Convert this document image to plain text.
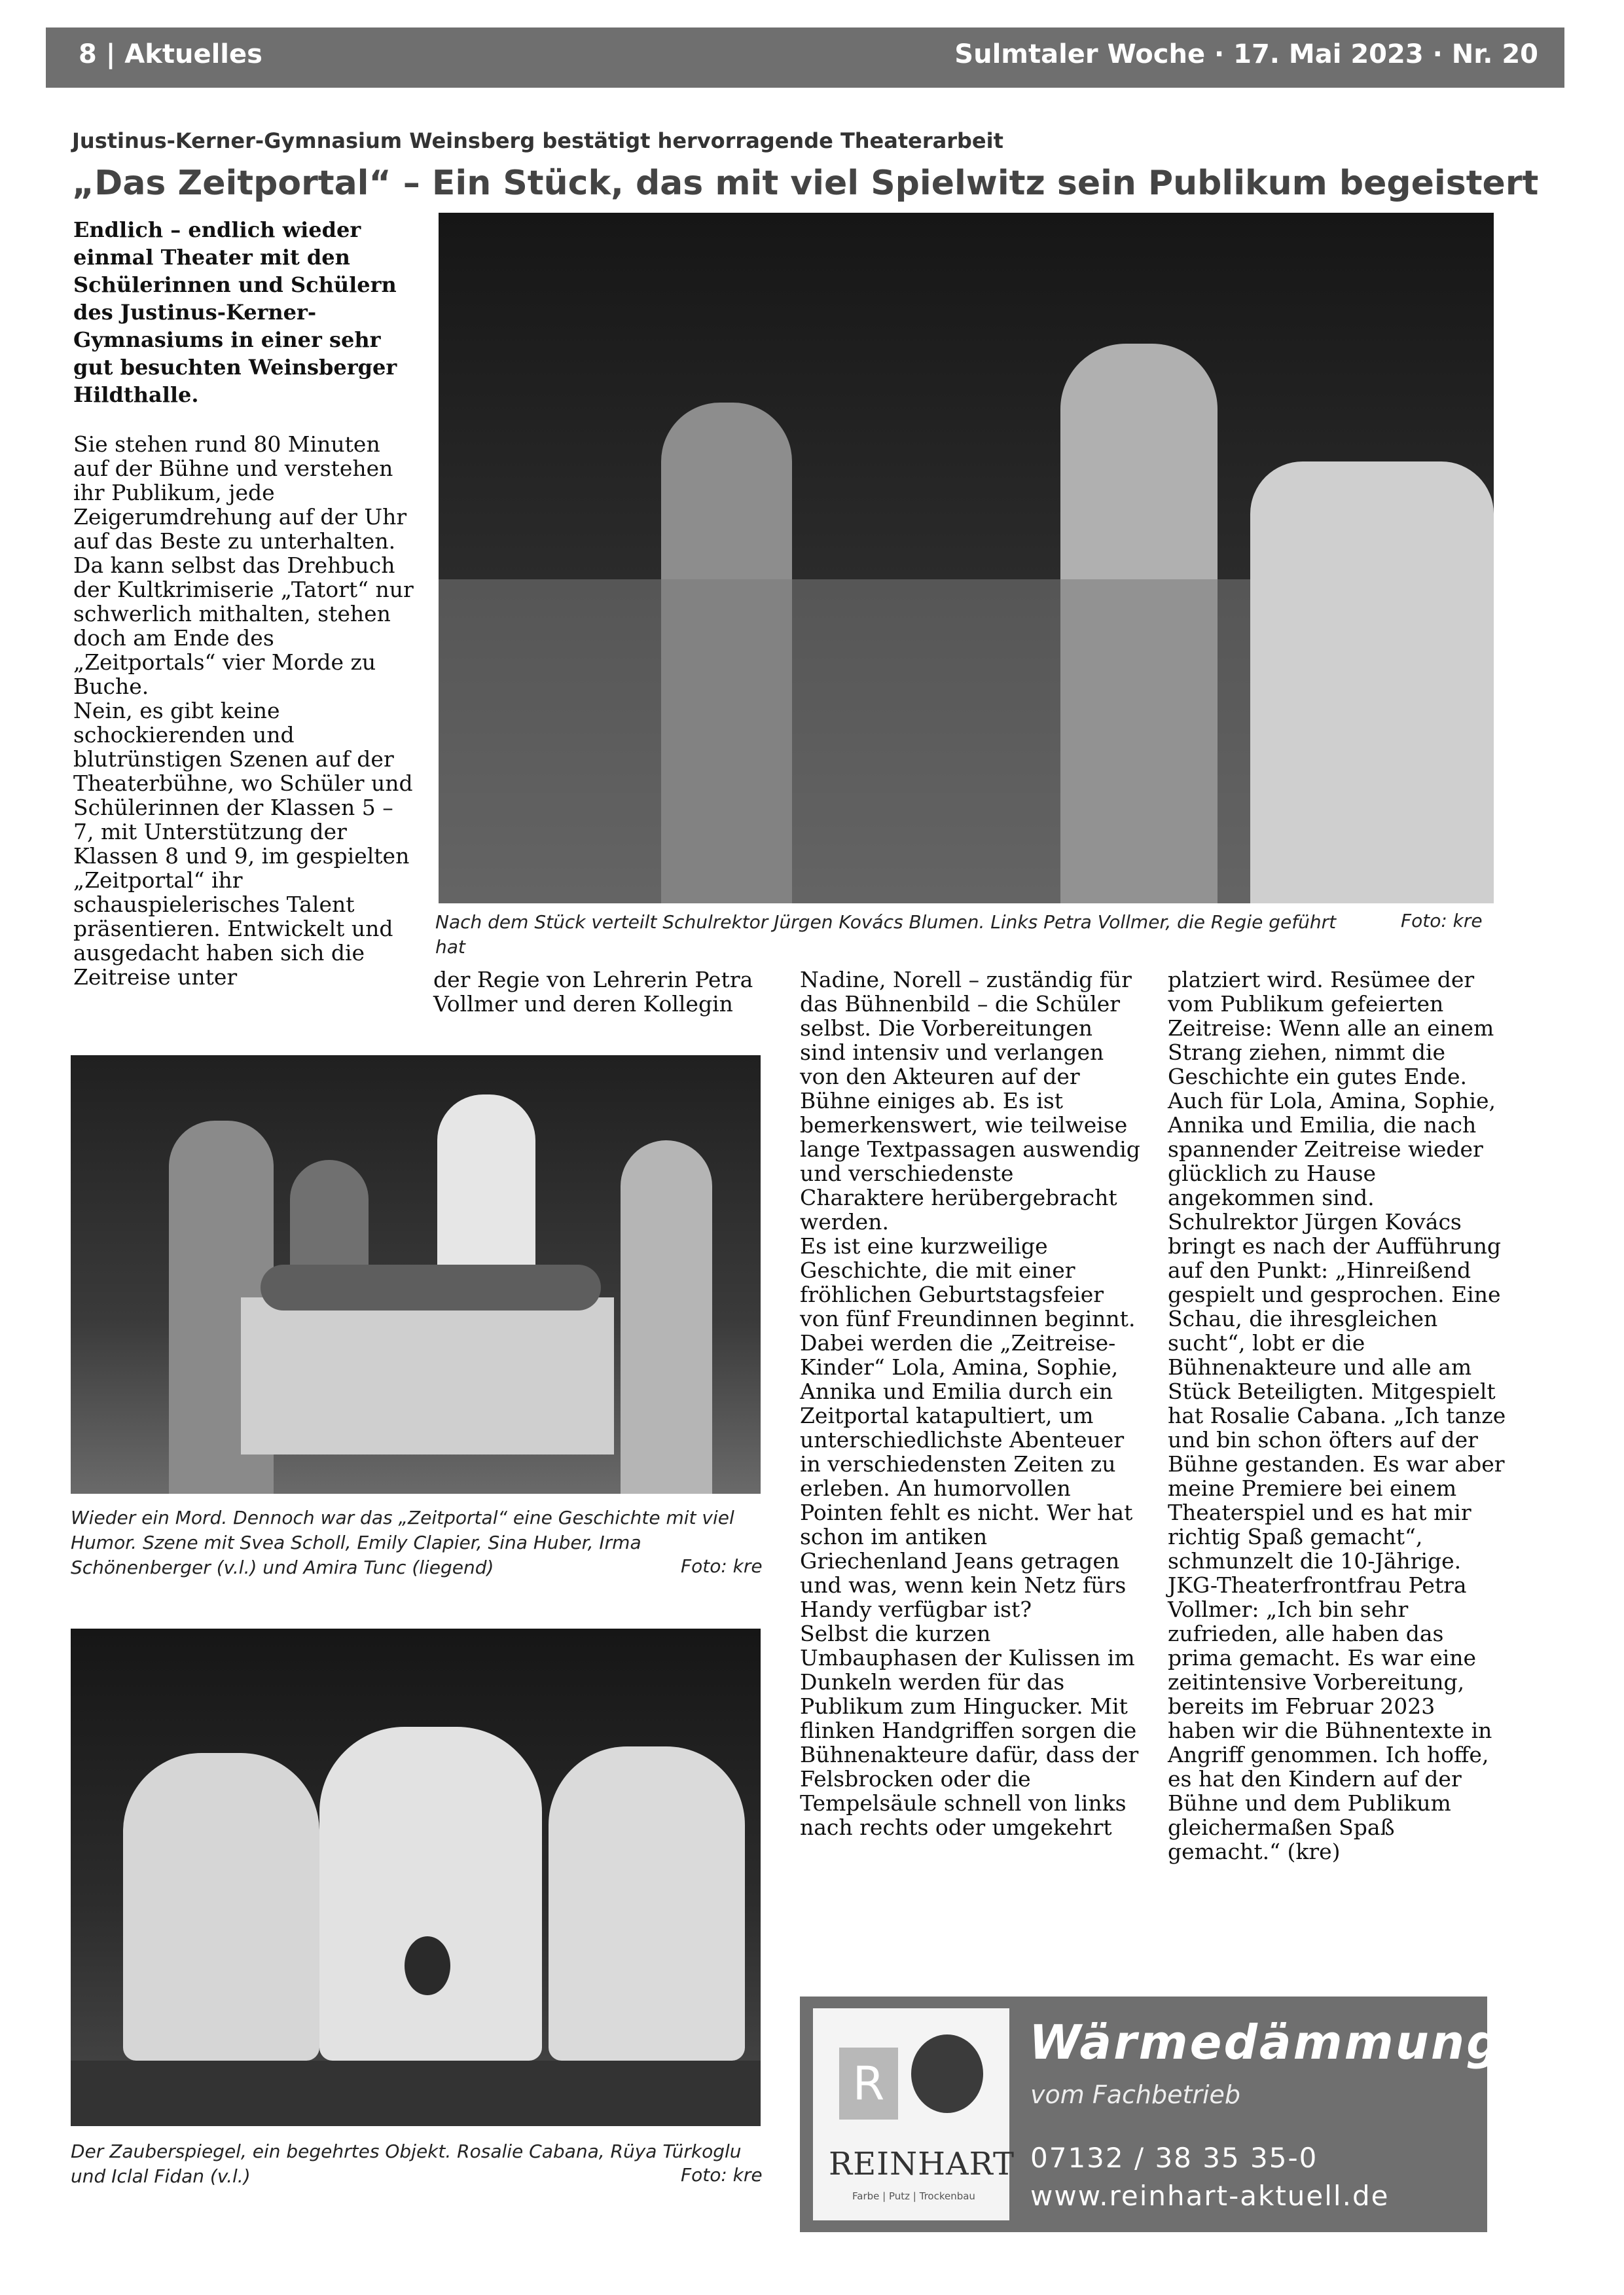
8 | Aktuelles	Sulmtaler Woche · 17. Mai 2023 · Nr. 20
Justinus-Kerner-Gymnasium Weinsberg bestätigt hervorragende Theaterarbeit
„Das Zeitportal“ – Ein Stück, das mit viel Spielwitz sein Publikum begeistert

Endlich – endlich wieder einmal Theater mit den Schülerinnen und Schülern des Justinus-Kerner-Gymnasiums in einer sehr gut besuchten Weinsberger Hildthalle.

Sie stehen rund 80 Minuten auf der Bühne und verstehen ihr Publikum, jede Zeigerumdrehung auf der Uhr auf das Beste zu unterhalten. Da kann selbst das Drehbuch der Kultkrimiserie „Tatort“ nur schwerlich mithalten, stehen doch am Ende des „Zeitportals“ vier Morde zu Buche.

Nein, es gibt keine schockierenden und blutrünstigen Szenen auf der Theaterbühne, wo Schüler und Schülerinnen der Klassen 5 – 7, mit Unterstützung der Klassen 8 und 9, im gespielten „Zeitportal“ ihr schauspielerisches Talent präsentieren. Entwickelt und ausgedacht haben sich die Zeitreise unter

Nach dem Stück verteilt Schulrektor Jürgen Kovács Blumen. Links Petra Vollmer, die Regie geführt hat

Foto: kre

der Regie von Lehrerin Petra Vollmer und deren Kollegin

Nadine, Norell – zuständig für das Bühnenbild – die Schüler selbst. Die Vorbereitungen sind intensiv und verlangen von den Akteuren auf der Bühne einiges ab. Es ist bemerkenswert, wie teilweise lange Textpassagen auswendig und verschiedenste Charaktere herübergebracht werden.

Es ist eine kurzweilige Geschichte, die mit einer fröhlichen Geburtstagsfeier von fünf Freundinnen beginnt. Dabei werden die „Zeitreise-Kinder“ Lola, Amina, Sophie, Annika und Emilia durch ein Zeitportal katapultiert, um unterschiedlichste Abenteuer in verschiedensten Zeiten zu erleben. An humorvollen Pointen fehlt es nicht. Wer hat schon im antiken Griechenland Jeans getragen und was, wenn kein Netz fürs Handy verfügbar ist?

Selbst die kurzen Umbauphasen der Kulissen im Dunkeln werden für das Publikum zum Hingucker. Mit flinken Handgriffen sorgen die Bühnenakteure dafür, dass der Felsbrocken oder die Tempelsäule schnell von links nach rechts oder umgekehrt

platziert wird. Resümee der vom Publikum gefeierten Zeitreise: Wenn alle an einem Strang ziehen, nimmt die Geschichte ein gutes Ende. Auch für Lola, Amina, Sophie, Annika und Emilia, die nach spannender Zeitreise wieder glücklich zu Hause angekommen sind.

Schulrektor Jürgen Kovács bringt es nach der Aufführung auf den Punkt: „Hinreißend gespielt und gesprochen. Eine Schau, die ihresgleichen sucht“, lobt er die Bühnenakteure und alle am Stück Beteiligten. Mitgespielt hat Rosalie Cabana. „Ich tanze und bin schon öfters auf der Bühne gestanden. Es war aber meine Premiere bei einem Theaterspiel und es hat mir richtig Spaß gemacht“, schmunzelt die 10-Jährige.

JKG-Theaterfrontfrau Petra Vollmer: „Ich bin sehr zufrieden, alle haben das prima gemacht. Es war eine zeitintensive Vorbereitung, bereits im Februar 2023 haben wir die Bühnentexte in Angriff genommen. Ich hoffe, es hat den Kindern auf der Bühne und dem Publikum gleichermaßen Spaß gemacht.“ (kre)

Wieder ein Mord. Dennoch war das „Zeitportal“ eine Geschichte mit viel Humor. Szene mit Svea Scholl, Emily Clapier, Sina Huber, Irma Schönenberger (v.l.) und Amira Tunc (liegend)	Foto: kre

Der Zauberspiegel, ein begehrtes Objekt. Rosalie Cabana, Rüya Türkoglu und Iclal Fidan (v.l.)	Foto: kre
R
REINHART
Farbe | Putz | Trockenbau
Wärmedämmung
vom Fachbetrieb
07132 / 38 35 35-0
www.reinhart-aktuell.de
